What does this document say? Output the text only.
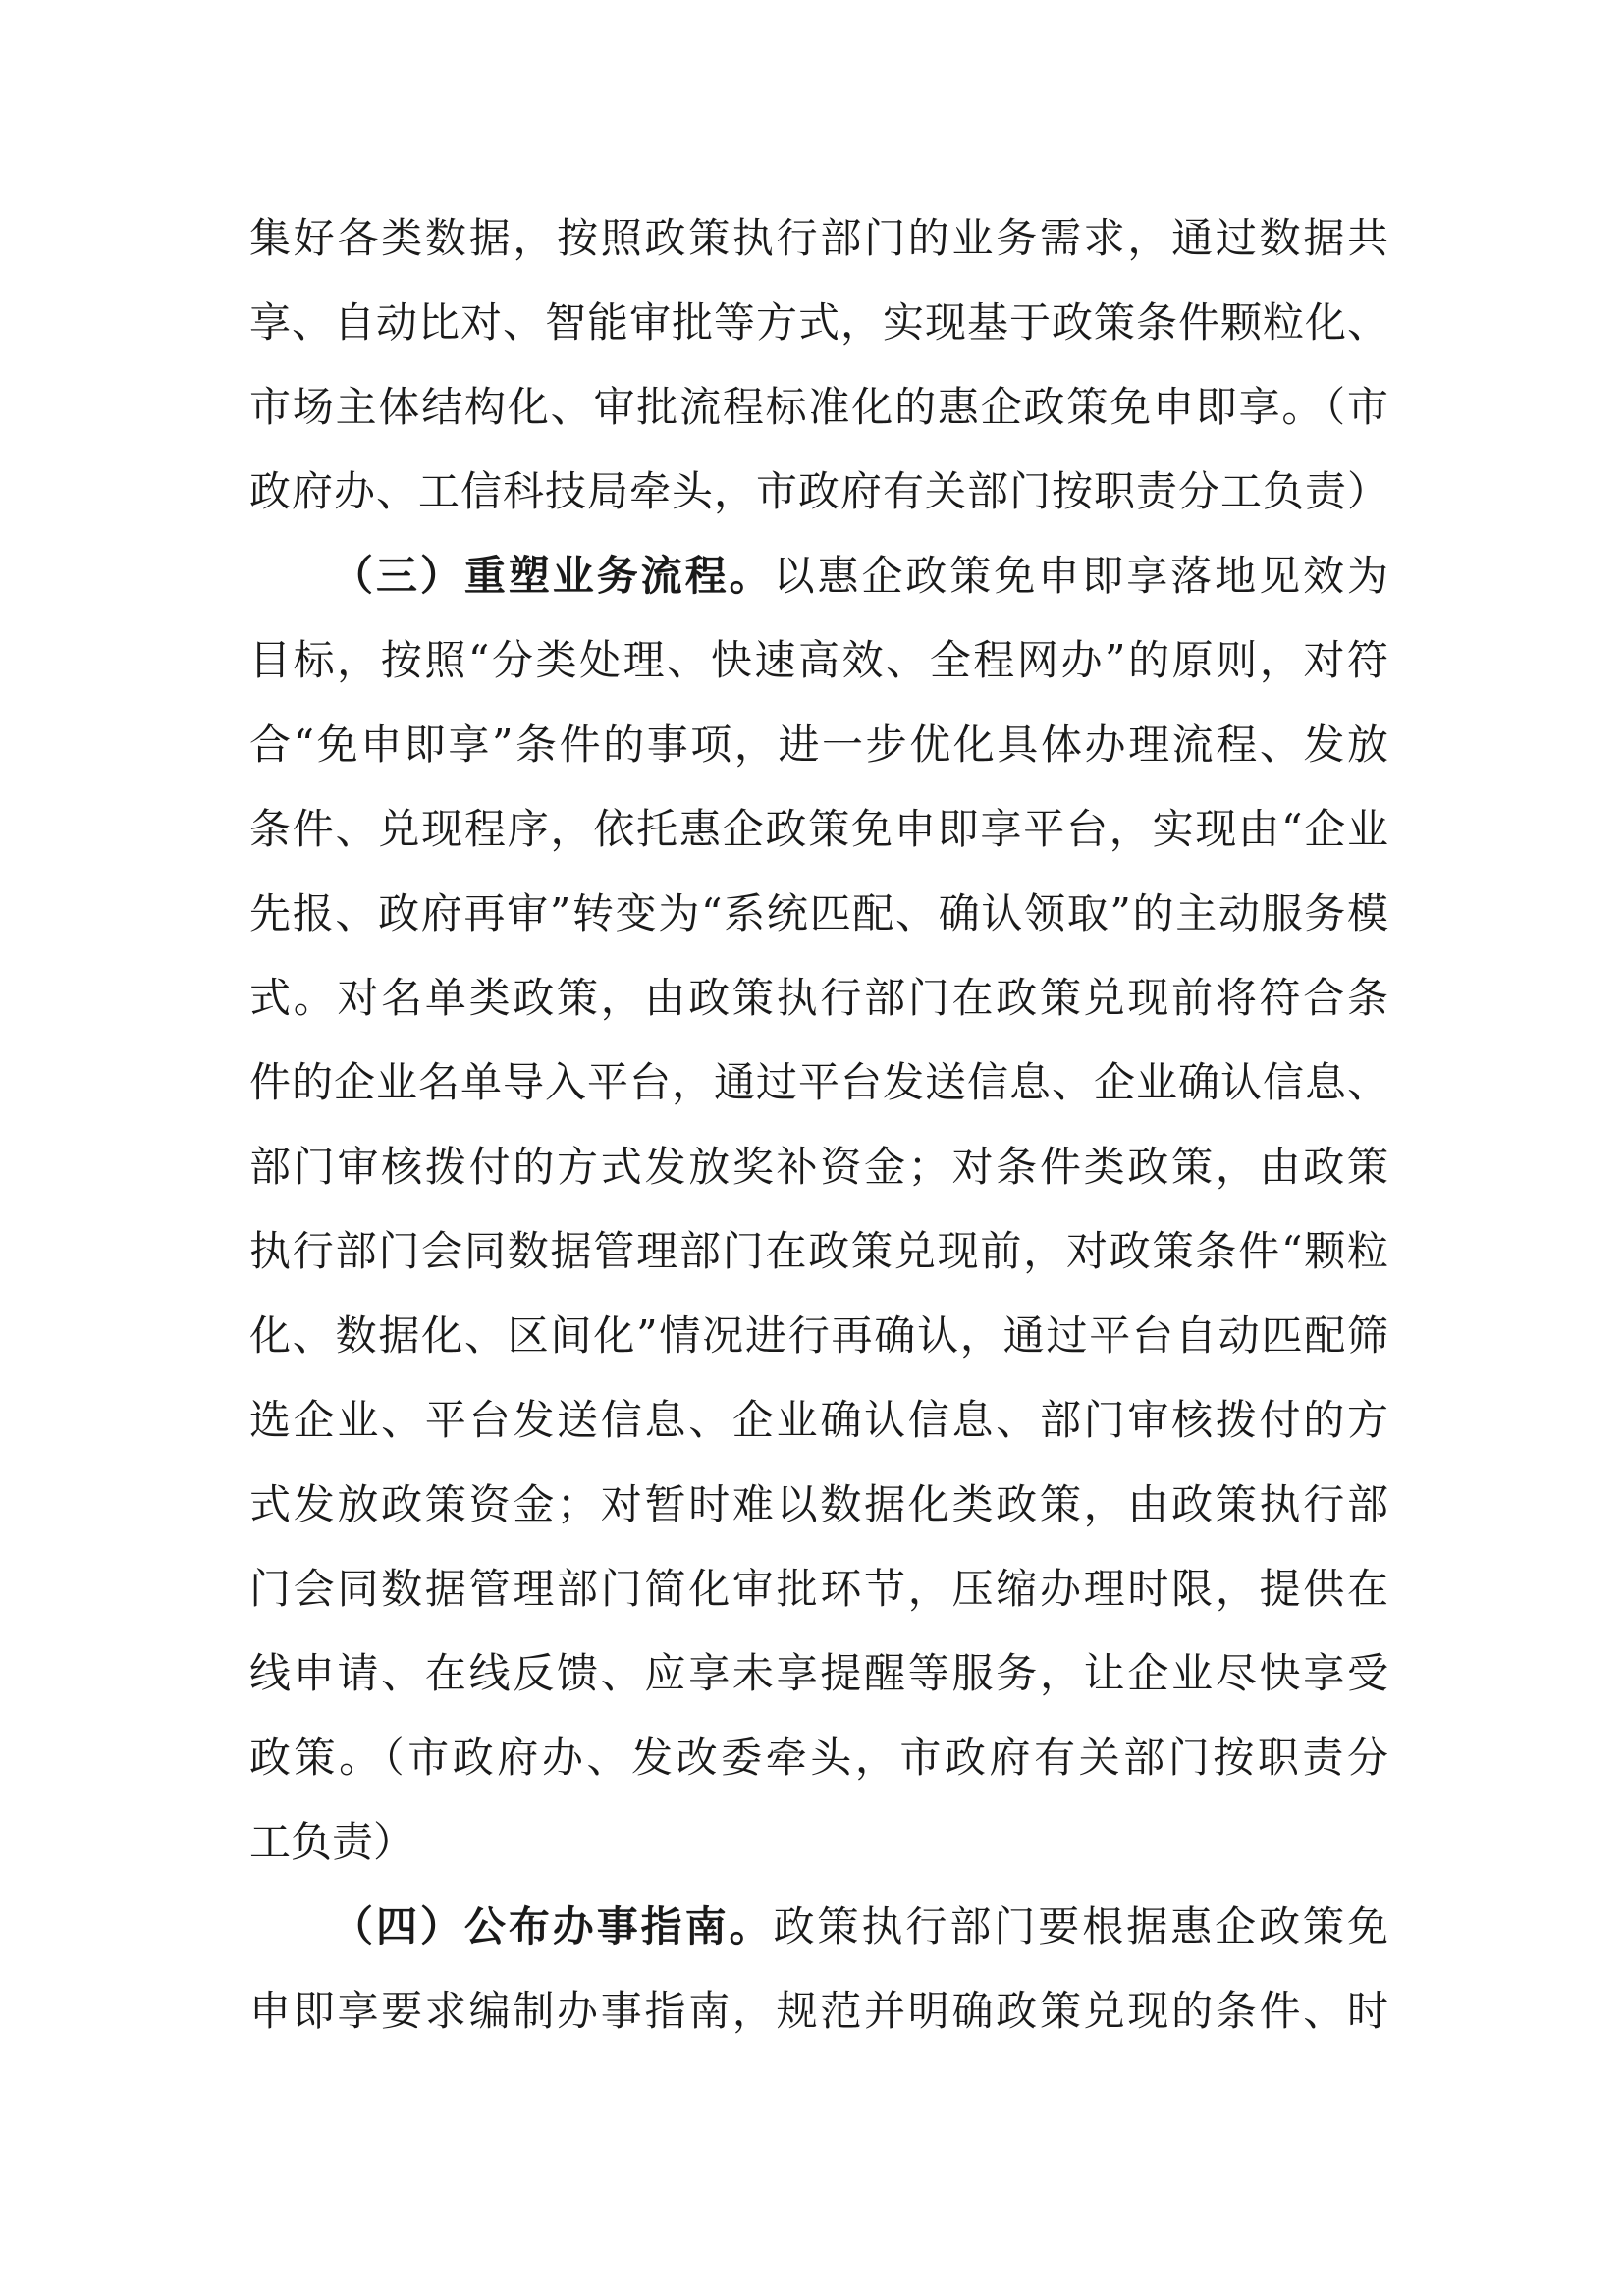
集好各类数据，按照政策执行部门的业务需求，通过数据共
享、自动比对、智能审批等方式，实现基于政策条件颗粒化、
市场主体结构化、审批流程标准化的惠企政策免申即享。（市
政府办、工信科技局牵头，市政府有关部门按职责分工负责）
（三）重塑业务流程。以惠企政策免申即享落地见效为
目标，按照“分类处理、快速高效、全程网办”的原则，对符
合“免申即享”条件的事项，进一步优化具体办理流程、发放
条件、兑现程序，依托惠企政策免申即享平台，实现由“企业
先报、政府再审”转变为“系统匹配、确认领取”的主动服务模
式。对名单类政策，由政策执行部门在政策兑现前将符合条
件的企业名单导入平台，通过平台发送信息、企业确认信息、
部门审核拨付的方式发放奖补资金；对条件类政策，由政策
执行部门会同数据管理部门在政策兑现前，对政策条件“颗粒
化、数据化、区间化”情况进行再确认，通过平台自动匹配筛
选企业、平台发送信息、企业确认信息、部门审核拨付的方
式发放政策资金；对暂时难以数据化类政策，由政策执行部
门会同数据管理部门简化审批环节，压缩办理时限，提供在
线申请、在线反馈、应享未享提醒等服务，让企业尽快享受
政策。（市政府办、发改委牵头，市政府有关部门按职责分
工负责）
（四）公布办事指南。政策执行部门要根据惠企政策免
申即享要求编制办事指南，规范并明确政策兑现的条件、时
